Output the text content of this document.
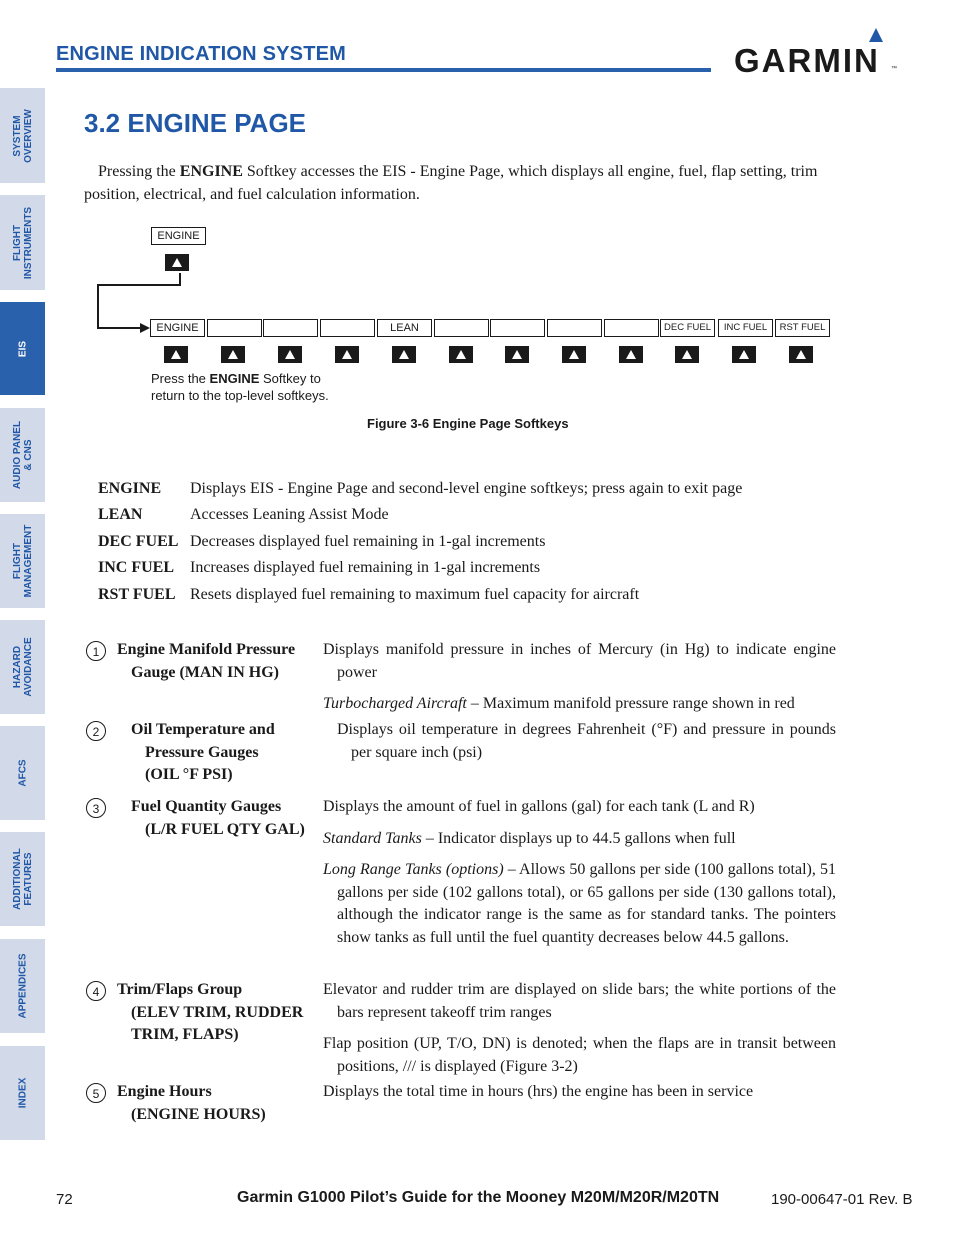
ENGINE INDICATION SYSTEM	GARMIN ™
SYSTEM
OVERVIEW
FLIGHT
INSTRUMENTS
EIS
AUDIO PANEL
& CNS
FLIGHT
MANAGEMENT
HAZARD
AVOIDANCE
AFCS
ADDITIONAL
FEATURES
APPENDICES
INDEX
3.2 ENGINE PAGE
Pressing the ENGINE Softkey accesses the EIS - Engine Page, which displays all engine, fuel, flap setting, trim position, electrical, and fuel calculation information.
ENGINE
ENGINE	LEAN	DEC FUEL	INC FUEL	RST FUEL
Press the ENGINE Softkey to
return to the top-level softkeys.
Figure 3-6 Engine Page Softkeys
ENGINE Displays EIS - Engine Page and second-level engine softkeys; press again to exit page
LEAN	Accesses Leaning Assist Mode
DEC FUEL Decreases displayed fuel remaining in 1-gal increments
INC FUEL Increases displayed fuel remaining in 1-gal increments
RST FUEL Resets displayed fuel remaining to maximum fuel capacity for aircraft
1	Engine Manifold Pressure
Gauge (MAN IN HG)

Displays manifold pressure in inches of Mercury (in Hg) to indicate engine power

Turbocharged Aircraft – Maximum manifold pressure range shown in red

2	Oil Temperature and
Pressure Gauges
(OIL °F PSI)

Displays oil temperature in degrees Fahrenheit (°F) and pressure in pounds per square inch (psi)

3	Fuel Quantity Gauges
(L/R FUEL QTY GAL)

Displays the amount of fuel in gallons (gal) for each tank (L and R)

Standard Tanks – Indicator displays up to 44.5 gallons when full

Long Range Tanks (options) – Allows 50 gallons per side (100 gallons total), 51 gallons per side (102 gallons total), or 65 gallons per side (130 gallons total), although the indicator range is the same as for standard tanks. The pointers show tanks as full until the fuel quantity decreases below 44.5 gallons.

4	Trim/Flaps Group
(ELEV TRIM, RUDDER
TRIM, FLAPS)

Elevator and rudder trim are displayed on slide bars; the white portions of the bars represent takeoff trim ranges

Flap position (UP, T/O, DN) is denoted; when the flaps are in transit between positions, /// is displayed (Figure 3-2)

5	Engine Hours
(ENGINE HOURS)

Displays the total time in hours (hrs) the engine has been in service

72	Garmin G1000 Pilot’s Guide for the Mooney M20M/M20R/M20TN	190-00647-01 Rev. B
